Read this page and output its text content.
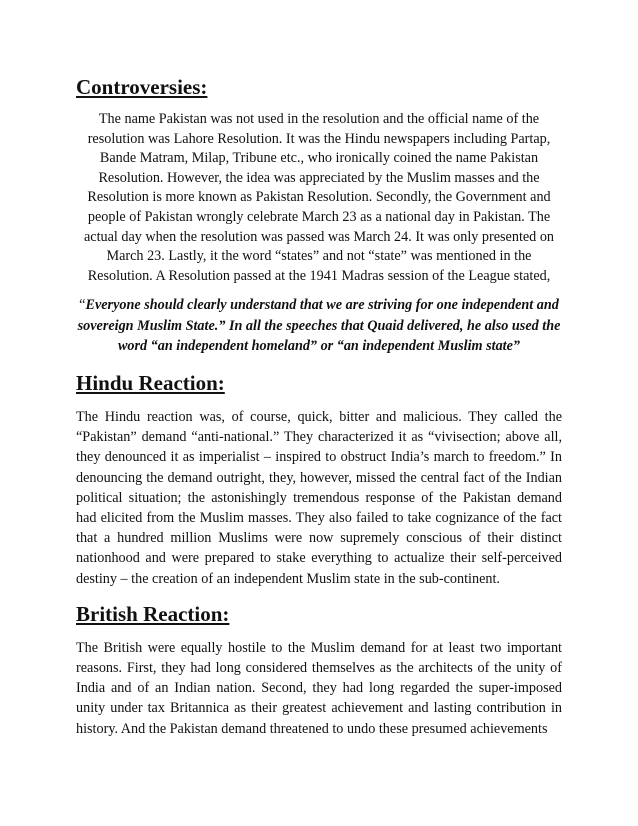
Controversies:

The name Pakistan was not used in the resolution and the official name of the resolution was Lahore Resolution. It was the Hindu newspapers including Partap, Bande Matram, Milap, Tribune etc., who ironically coined the name Pakistan Resolution. However, the idea was appreciated by the Muslim masses and the Resolution is more known as Pakistan Resolution. Secondly, the Government and people of Pakistan wrongly celebrate March 23 as a national day in Pakistan. The actual day when the resolution was passed was March 24. It was only presented on March 23. Lastly, it the word “states” and not “state” was mentioned in the Resolution. A Resolution passed at the 1941 Madras session of the League stated,

“Everyone should clearly understand that we are striving for one independent and sovereign Muslim State.” In all the speeches that Quaid delivered, he also used the word “an independent homeland” or “an independent Muslim state”

Hindu Reaction:

The Hindu reaction was, of course, quick, bitter and malicious. They called the “Pakistan” demand “anti-national.” They characterized it as “vivisection; above all, they denounced it as imperialist – inspired to obstruct India’s march to freedom.” In denouncing the demand outright, they, however, missed the central fact of the Indian political situation; the astonishingly tremendous response of the Pakistan demand had elicited from the Muslim masses. They also failed to take cognizance of the fact that a hundred million Muslims were now supremely conscious of their distinct nationhood and were prepared to stake everything to actualize their self-perceived destiny – the creation of an independent Muslim state in the sub-continent.

British Reaction:

The British were equally hostile to the Muslim demand for at least two important reasons. First, they had long considered themselves as the architects of the unity of India and of an Indian nation. Second, they had long regarded the super-imposed unity under tax Britannica as their greatest achievement and lasting contribution in history. And the Pakistan demand threatened to undo these presumed achievements
